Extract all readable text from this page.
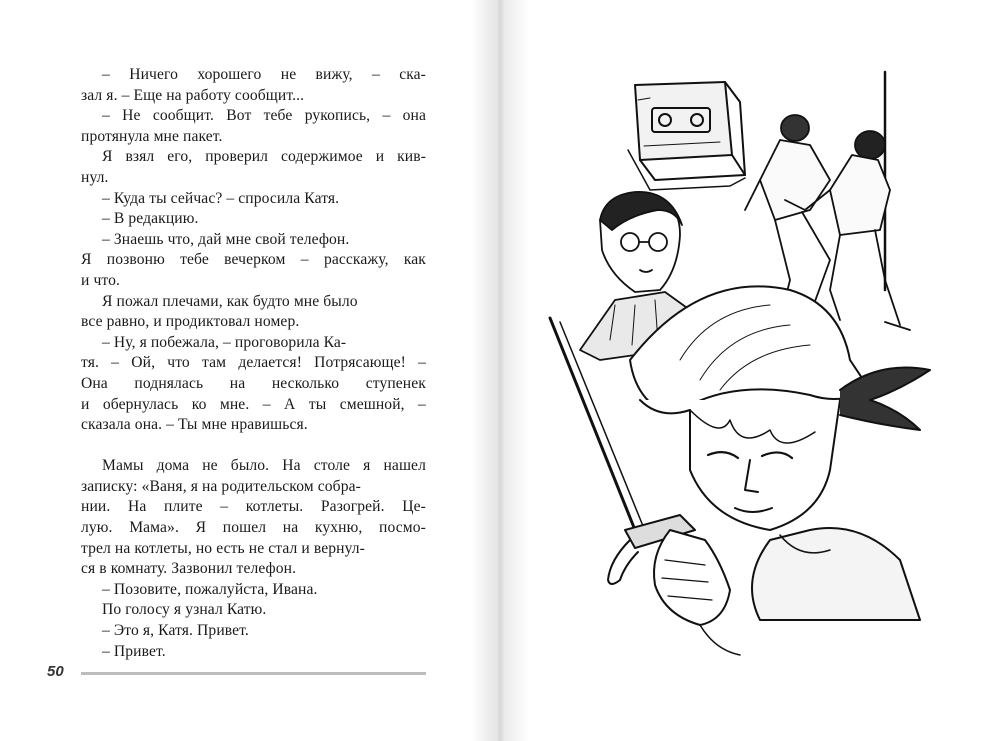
– Ничего хорошего не вижу, – ска-
зал я. – Еще на работу сообщит...
– Не сообщит. Вот тебе рукопись, – она
протянула мне пакет.
Я взял его, проверил содержимое и кив-
нул.
– Куда ты сейчас? – спросила Катя.
– В редакцию.
– Знаешь что, дай мне свой телефон.
Я позвоню тебе вечерком – расскажу, как
и что.
Я пожал плечами, как будто мне было
все равно, и продиктовал номер.
– Ну, я побежала, – проговорила Ка-
тя. – Ой, что там делается! Потрясающе! –
Она поднялась на несколько ступенек
и обернулась ко мне. – А ты смешной, –
сказала она. – Ты мне нравишься.
Мамы дома не было. На столе я нашел
записку: «Ваня, я на родительском собра-
нии. На плите – котлеты. Разогрей. Це-
лую. Мама». Я пошел на кухню, посмо-
трел на котлеты, но есть не стал и вернул-
ся в комнату. Зазвонил телефон.
– Позовите, пожалуйста, Ивана.
По голосу я узнал Катю.
– Это я, Катя. Привет.
– Привет.
50
